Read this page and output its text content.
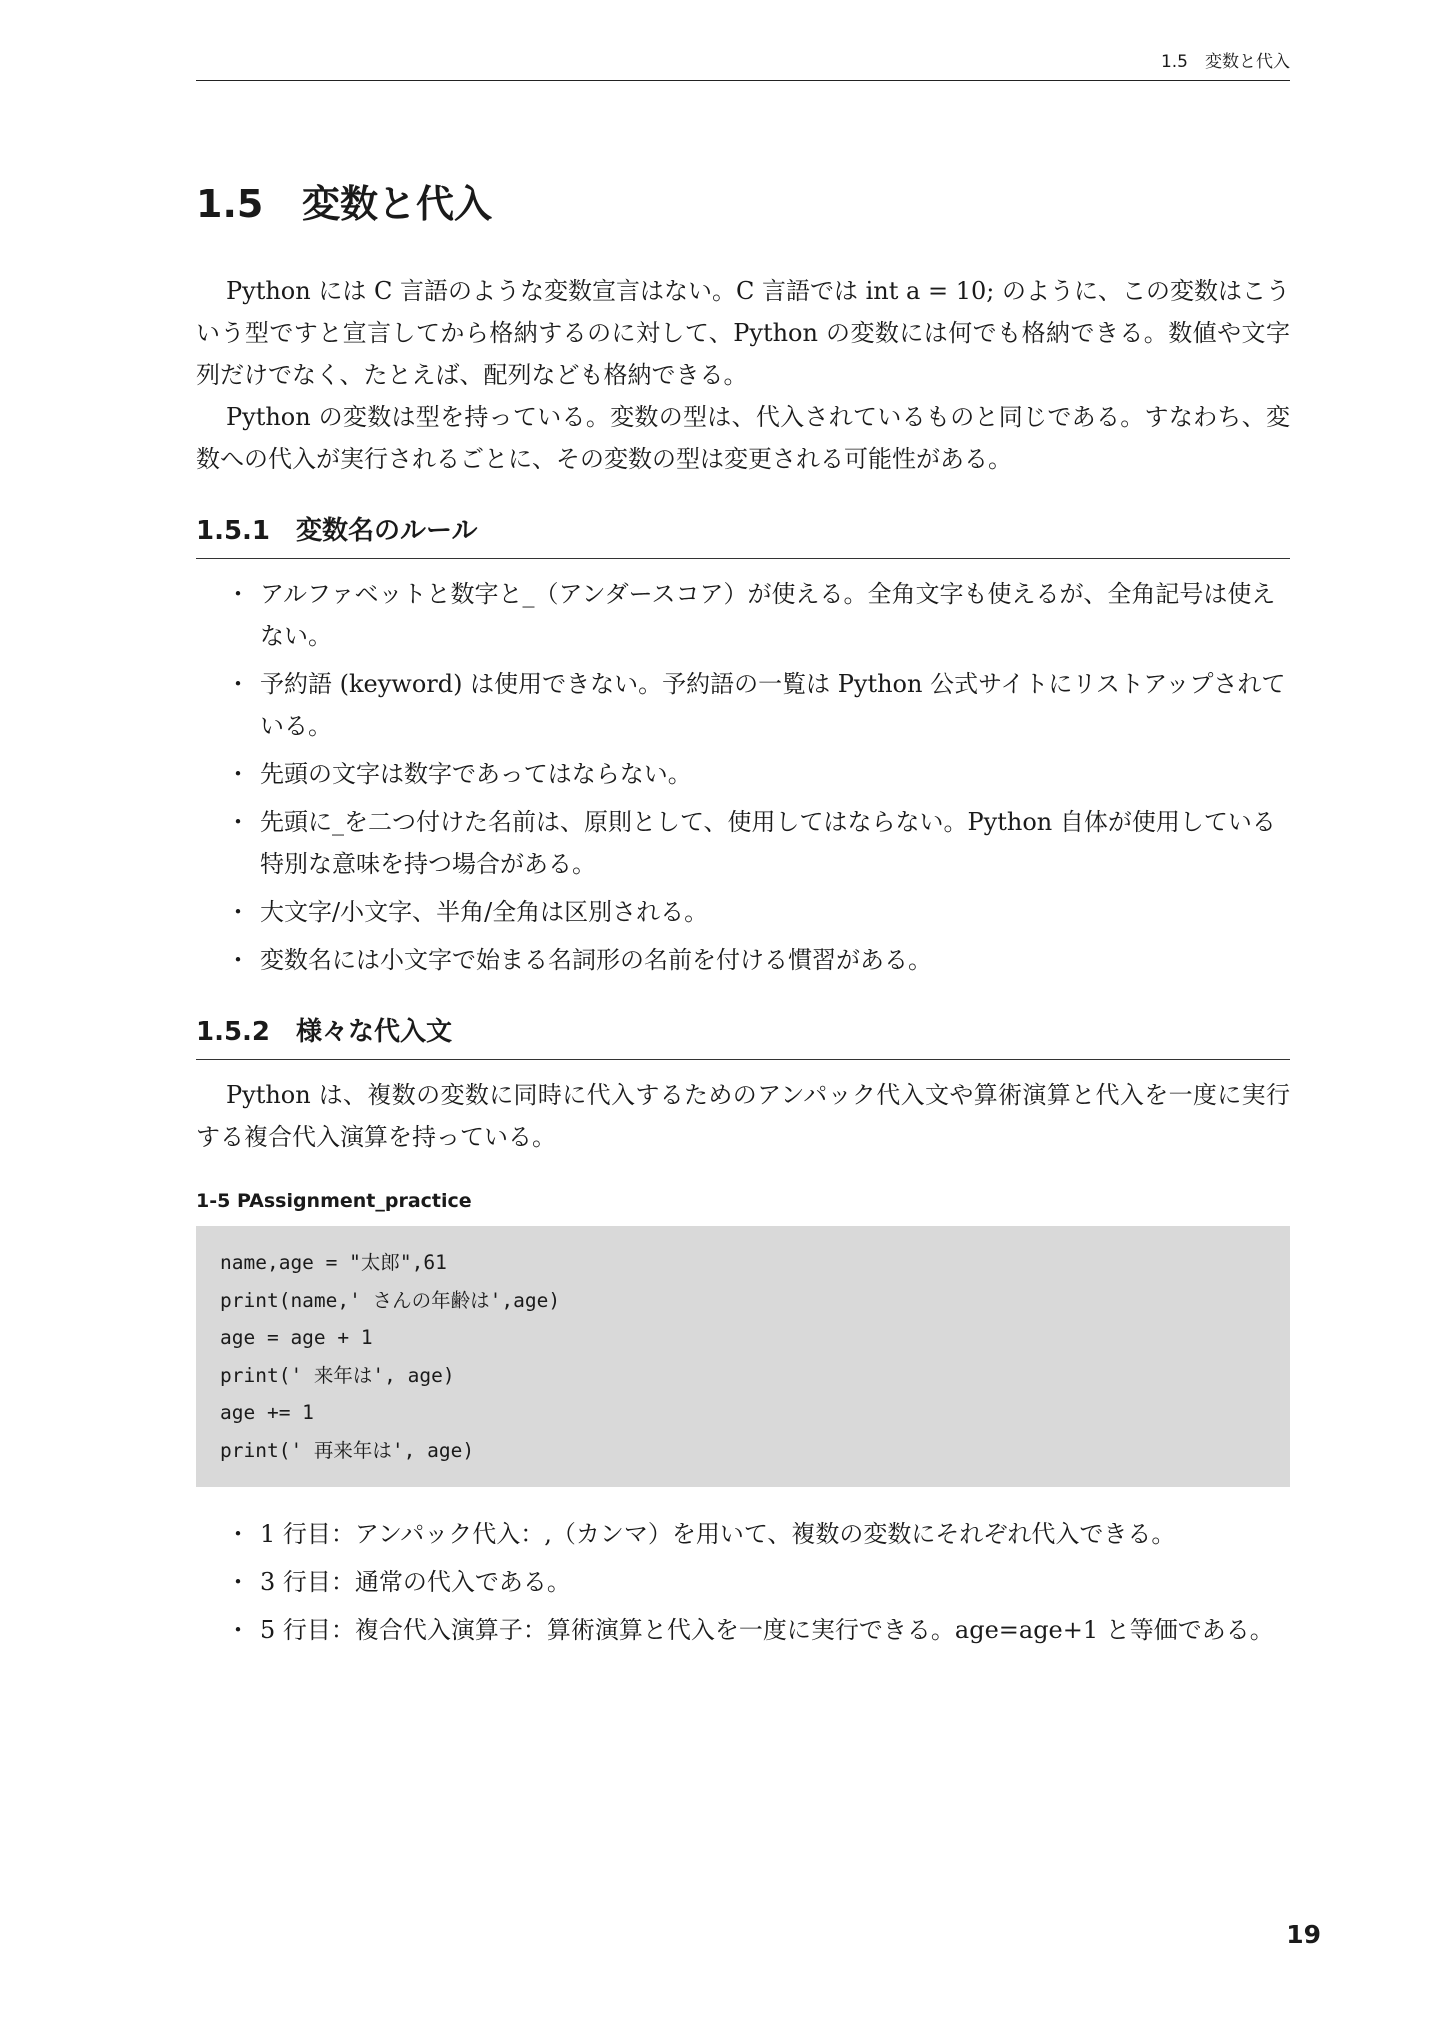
1.5　変数と代入
1.5 変数と代入

Python には C 言語のような変数宣言はない。C 言語では int a = 10; のように、この変数はこういう型ですと宣言してから格納するのに対して、Python の変数には何でも格納できる。数値や文字列だけでなく、たとえば、配列なども格納できる。

Python の変数は型を持っている。変数の型は、代入されているものと同じである。すなわち、変数への代入が実行されるごとに、その変数の型は変更される可能性がある。

1.5.1 変数名のルール
・ アルファベットと数字と_（アンダースコア）が使える。全角文字も使えるが、全角記号は使えない。
・ 予約語 (keyword) は使用できない。予約語の一覧は Python 公式サイトにリストアップされている。
・ 先頭の文字は数字であってはならない。
・ 先頭に_を二つ付けた名前は、原則として、使用してはならない。Python 自体が使用している特別な意味を持つ場合がある。
・ 大文字/小文字、半角/全角は区別される。
・ 変数名には小文字で始まる名詞形の名前を付ける慣習がある。
1.5.2 様々な代入文

Python は、複数の変数に同時に代入するためのアンパック代入文や算術演算と代入を一度に実行する複合代入演算を持っている。

1-5 PAssignment_practice
name,age = "太郎",61
print(name,' さんの年齢は',age)
age = age + 1
print(' 来年は', age)
age += 1
print(' 再来年は', age)
・ 1 行目：アンパック代入：,（カンマ）を用いて、複数の変数にそれぞれ代入できる。
・ 3 行目：通常の代入である。
・ 5 行目：複合代入演算子：算術演算と代入を一度に実行できる。age=age+1 と等価である。
19
